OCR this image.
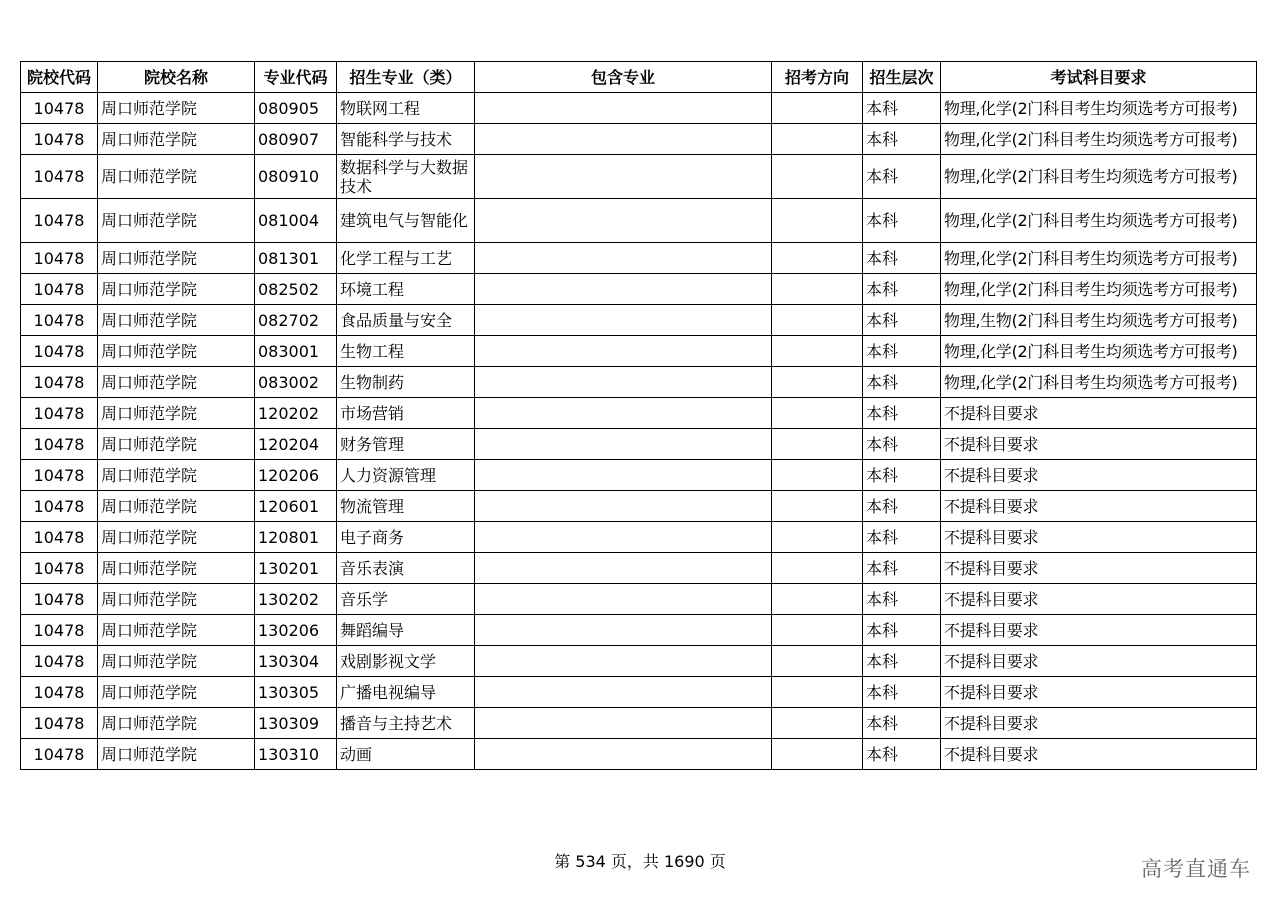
院校代码	院校名称	专业代码	招生专业（类）	包含专业	招考方向	招生层次	考试科目要求
10478	周口师范学院	080905	物联网工程			本科	物理,化学(2门科目考生均须选考方可报考)
10478	周口师范学院	080907	智能科学与技术			本科	物理,化学(2门科目考生均须选考方可报考)
10478	周口师范学院	080910	数据科学与大数据技术			本科	物理,化学(2门科目考生均须选考方可报考)
10478	周口师范学院	081004	建筑电气与智能化			本科	物理,化学(2门科目考生均须选考方可报考)
10478	周口师范学院	081301	化学工程与工艺			本科	物理,化学(2门科目考生均须选考方可报考)
10478	周口师范学院	082502	环境工程			本科	物理,化学(2门科目考生均须选考方可报考)
10478	周口师范学院	082702	食品质量与安全			本科	物理,生物(2门科目考生均须选考方可报考)
10478	周口师范学院	083001	生物工程			本科	物理,化学(2门科目考生均须选考方可报考)
10478	周口师范学院	083002	生物制药			本科	物理,化学(2门科目考生均须选考方可报考)
10478	周口师范学院	120202	市场营销			本科	不提科目要求
10478	周口师范学院	120204	财务管理			本科	不提科目要求
10478	周口师范学院	120206	人力资源管理			本科	不提科目要求
10478	周口师范学院	120601	物流管理			本科	不提科目要求
10478	周口师范学院	120801	电子商务			本科	不提科目要求
10478	周口师范学院	130201	音乐表演			本科	不提科目要求
10478	周口师范学院	130202	音乐学			本科	不提科目要求
10478	周口师范学院	130206	舞蹈编导			本科	不提科目要求
10478	周口师范学院	130304	戏剧影视文学			本科	不提科目要求
10478	周口师范学院	130305	广播电视编导			本科	不提科目要求
10478	周口师范学院	130309	播音与主持艺术			本科	不提科目要求
10478	周口师范学院	130310	动画			本科	不提科目要求
第 534 页，共 1690 页	高考直通车
